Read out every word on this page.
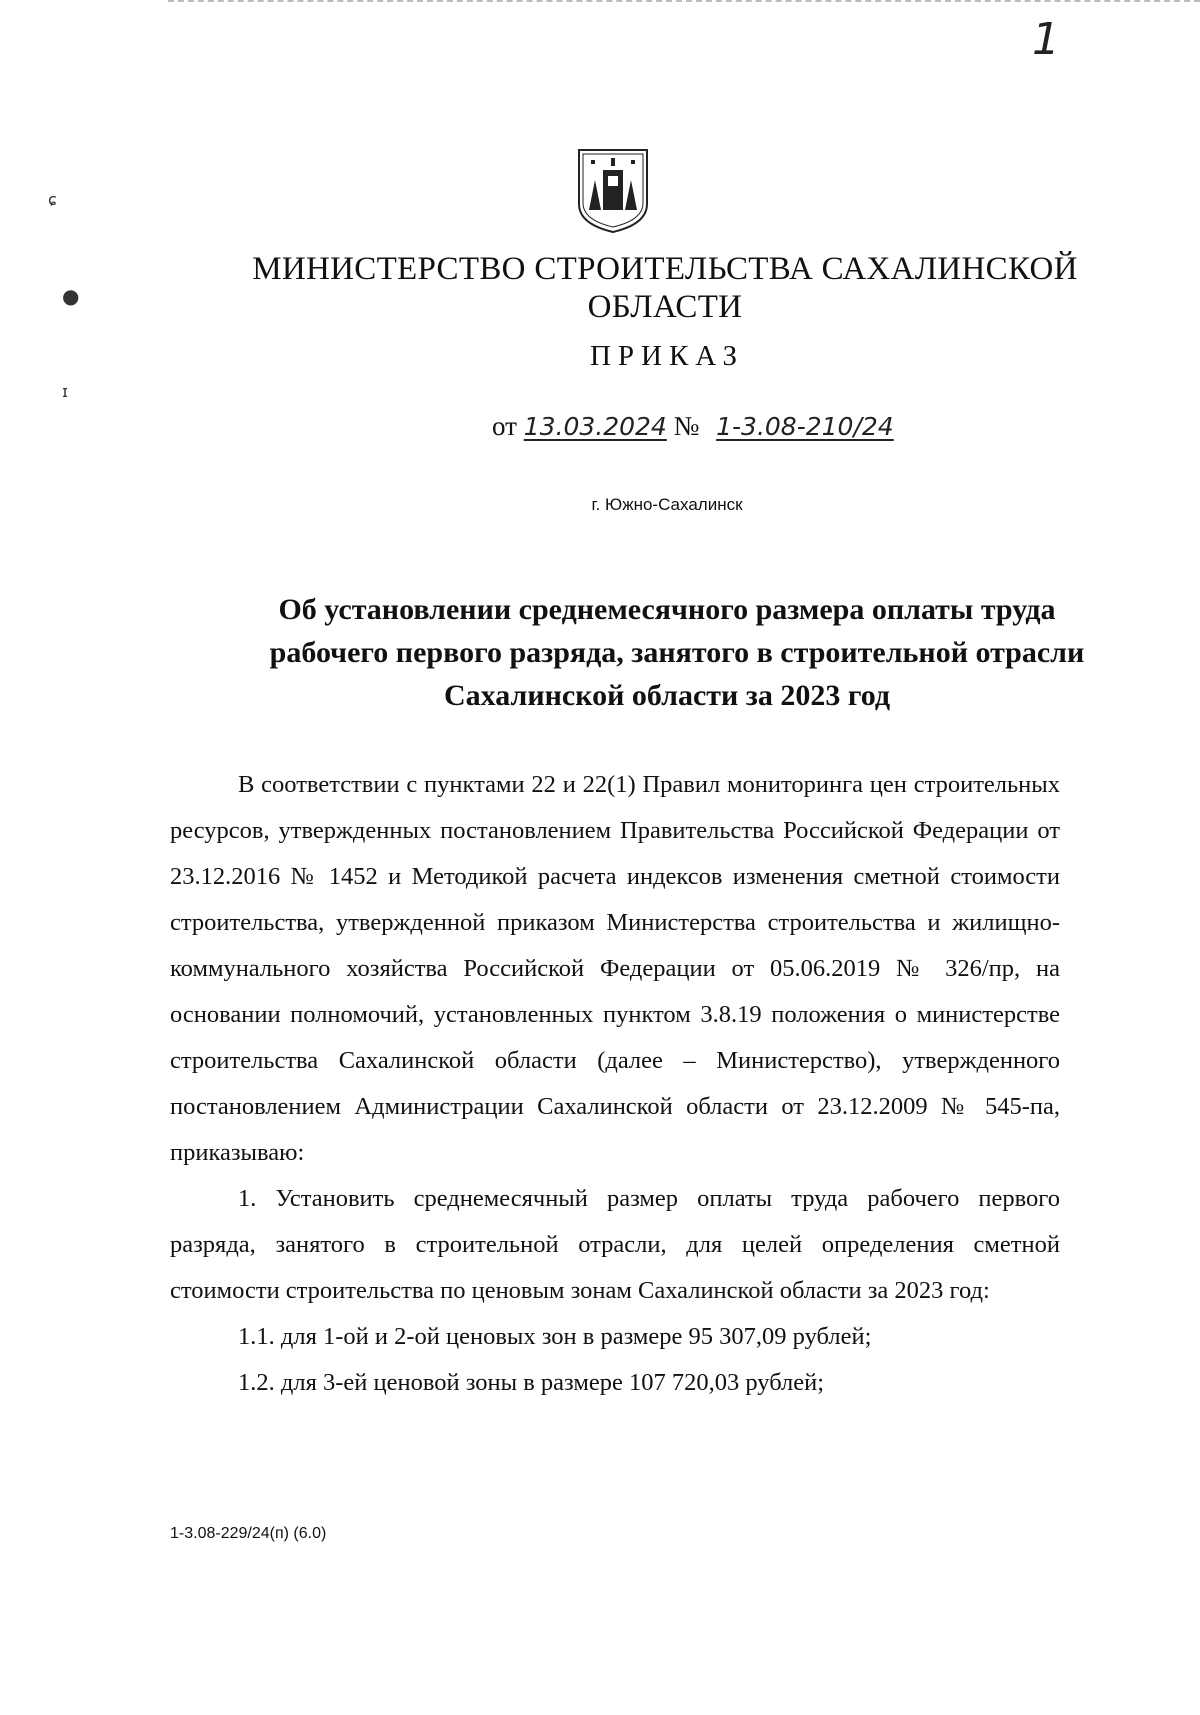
1
ɕ
●
ɪ
МИНИСТЕРСТВО СТРОИТЕЛЬСТВА САХАЛИНСКОЙ
ОБЛАСТИ
ПРИКАЗ
от 13.03.2024 № 1-3.08-210/24
г. Южно-Сахалинск
Об установлении среднемесячного размера оплаты труда
рабочего первого разряда, занятого в строительной отрасли
Сахалинской области за 2023 год

В соответствии с пунктами 22 и 22(1) Правил мониторинга цен строительных ресурсов, утвержденных постановлением Правительства Российской Федерации от 23.12.2016 № 1452 и Методикой расчета индексов изменения сметной стоимости строительства, утвержденной приказом Министерства строительства и жилищно-коммунального хозяйства Российской Федерации от 05.06.2019 № 326/пр, на основании полномочий, установленных пунктом 3.8.19 положения о министерстве строительства Сахалинской области (далее – Министерство), утвержденного постановлением Администрации Сахалинской области от 23.12.2009 № 545-па, приказываю:

1. Установить среднемесячный размер оплаты труда рабочего первого разряда, занятого в строительной отрасли, для целей определения сметной стоимости строительства по ценовым зонам Сахалинской области за 2023 год:

1.1. для 1-ой и 2-ой ценовых зон в размере 95 307,09 рублей;

1.2. для 3-ей ценовой зоны в размере 107 720,03 рублей;

1-3.08-229/24(п) (6.0)
